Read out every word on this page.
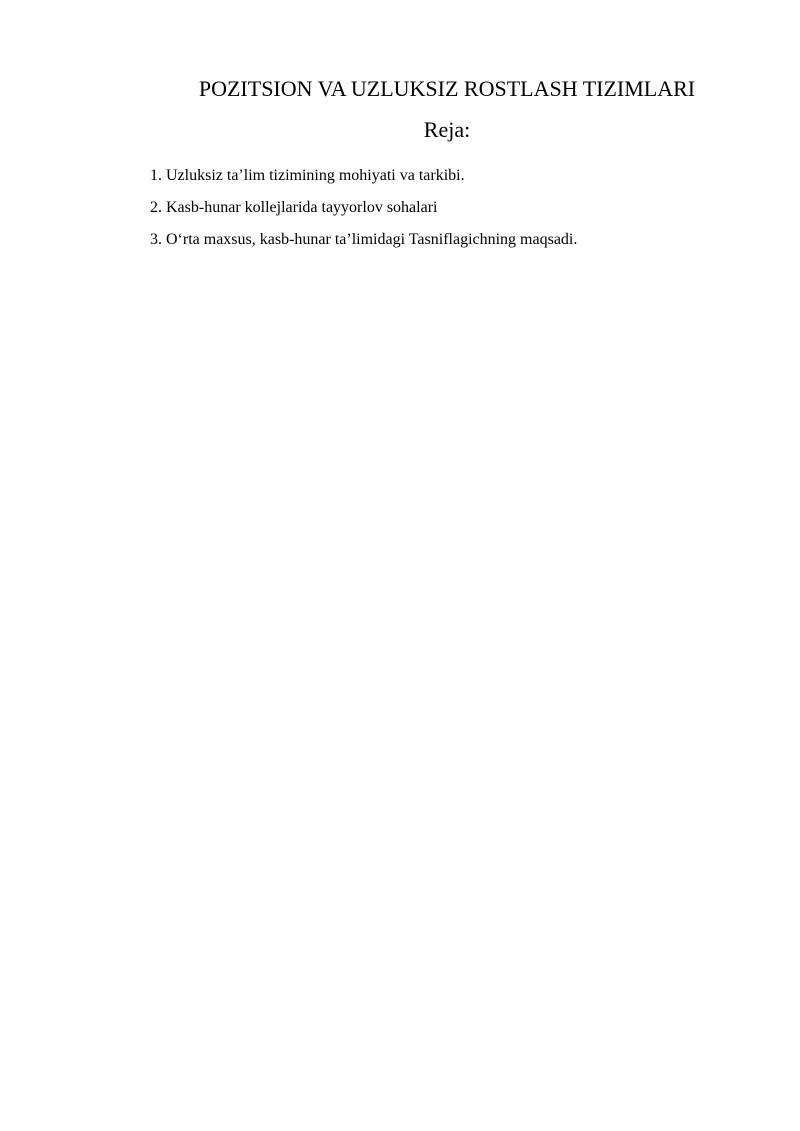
POZITSION VA UZLUKSIZ ROSTLASH TIZIMLARI
Reja:
1. Uzluksiz ta’lim tizimining mohiyati va tarkibi.
2. Kasb-hunar kollejlarida tayyorlov sohalari
3. O‘rta maxsus, kasb-hunar ta’limidagi Tasniflagichning maqsadi.
